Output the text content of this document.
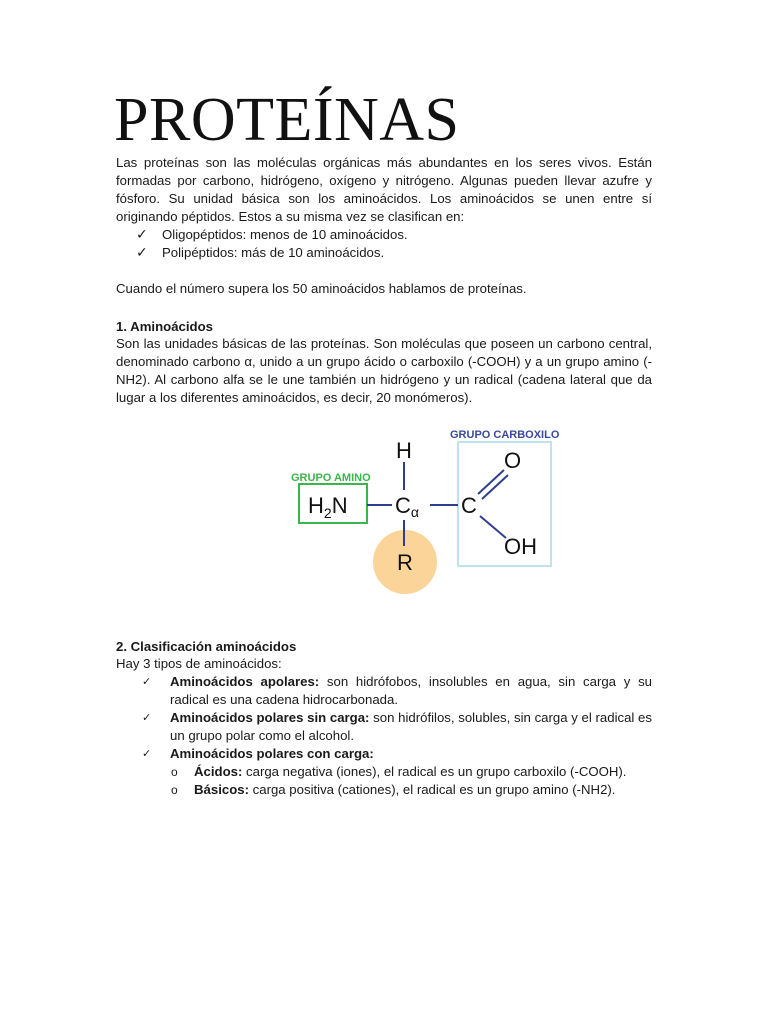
PROTEÍNAS
Las proteínas son las moléculas orgánicas más abundantes en los seres vivos. Están formadas por carbono, hidrógeno, oxígeno y nitrógeno. Algunas pueden llevar azufre y fósforo. Su unidad básica son los aminoácidos. Los aminoácidos se unen entre sí originando péptidos. Estos a su misma vez se clasifican en:
✓ Oligopéptidos: menos de 10 aminoácidos.
✓ Polipéptidos: más de 10 aminoácidos.
Cuando el número supera los 50 aminoácidos hablamos de proteínas.
1. Aminoácidos
Son las unidades básicas de las proteínas. Son moléculas que poseen un carbono central, denominado carbono α, unido a un grupo ácido o carboxilo (-COOH) y a un grupo amino (-NH2). Al carbono alfa se le une también un hidrógeno y un radical (cadena lateral que da lugar a los diferentes aminoácidos, es decir, 20 monómeros).
GRUPO CARBOXILO
GRUPO AMINO
H
$H_2N$ Cα C
O
OH
R
2. Clasificación aminoácidos
Hay 3 tipos de aminoácidos:
✓ Aminoácidos apolares: son hidrófobos, insolubles en agua, sin carga y su radical es una cadena hidrocarbonada.
✓ Aminoácidos polares sin carga: son hidrófilos, solubles, sin carga y el radical es un grupo polar como el alcohol.
✓ Aminoácidos polares con carga:
o Ácidos: carga negativa (iones), el radical es un grupo carboxilo (-COOH).
o Básicos: carga positiva (cationes), el radical es un grupo amino (-NH2).
